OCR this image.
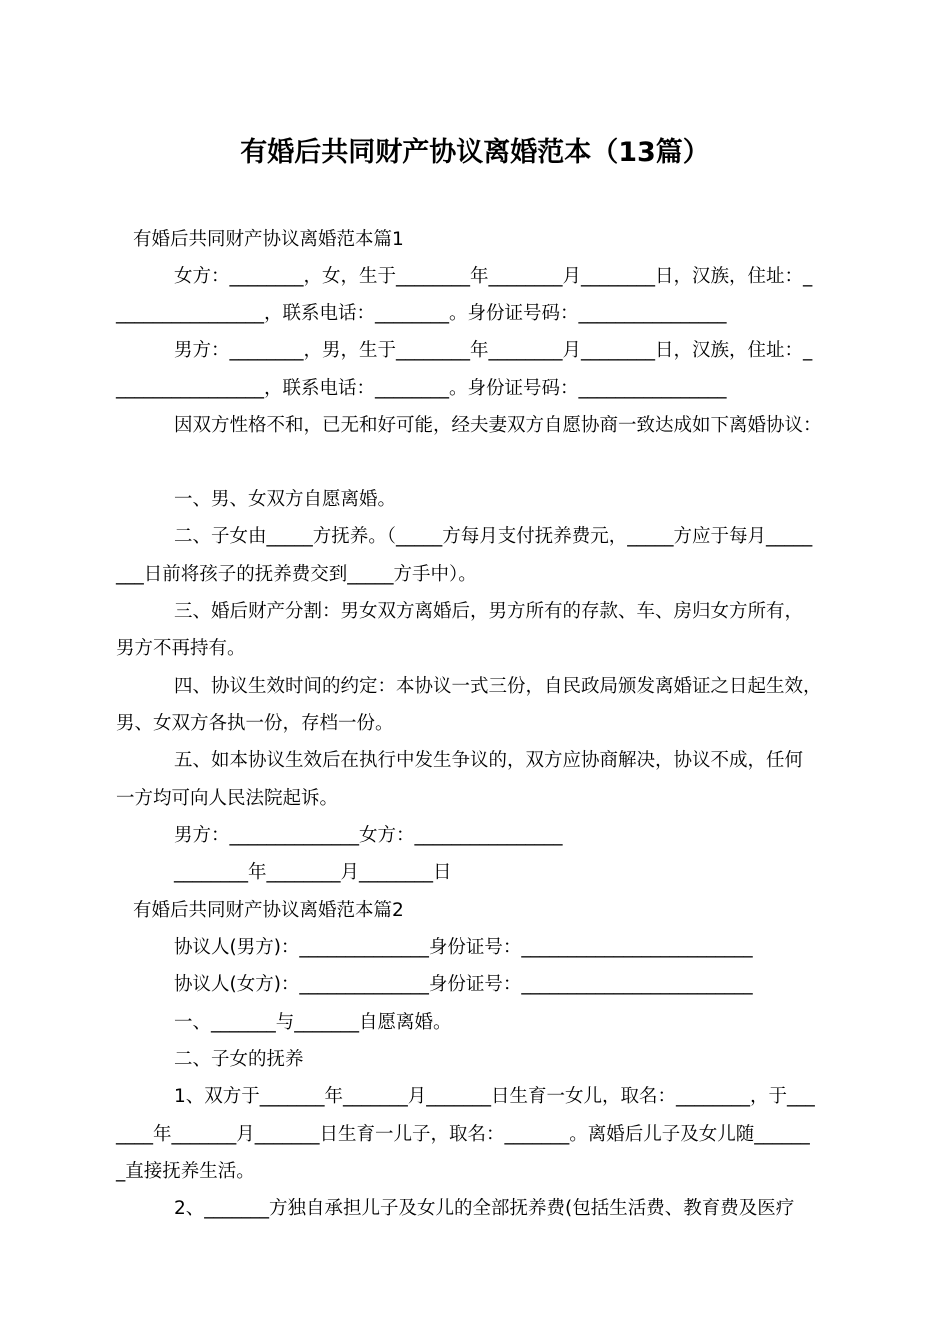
有婚后共同财产协议离婚范本（13篇）
有婚后共同财产协议离婚范本篇1
女方：________，女，生于________年________月________日，汉族，住址：_
________________，联系电话：________。身份证号码：________________
男方：________，男，生于________年________月________日，汉族，住址：_
________________，联系电话：________。身份证号码：________________
因双方性格不和，已无和好可能，经夫妻双方自愿协商一致达成如下离婚协议：
一、男、女双方自愿离婚。
二、子女由_____方抚养。（_____方每月支付抚养费元，_____方应于每月_____
___日前将孩子的抚养费交到_____方手中）。
三、婚后财产分割：男女双方离婚后，男方所有的存款、车、房归女方所有，
男方不再持有。
四、协议生效时间的约定：本协议一式三份，自民政局颁发离婚证之日起生效，
男、女双方各执一份，存档一份。
五、如本协议生效后在执行中发生争议的，双方应协商解决，协议不成，任何
一方均可向人民法院起诉。
男方：______________女方：________________
________年________月________日
有婚后共同财产协议离婚范本篇2
协议人(男方)：______________身份证号：_________________________
协议人(女方)：______________身份证号：_________________________
一、_______与_______自愿离婚。
二、子女的抚养
1、双方于_______年_______月_______日生育一女儿，取名：________，于___
____年_______月_______日生育一儿子，取名：_______。离婚后儿子及女儿随______
_直接抚养生活。
2、_______方独自承担儿子及女儿的全部抚养费(包括生活费、教育费及医疗
